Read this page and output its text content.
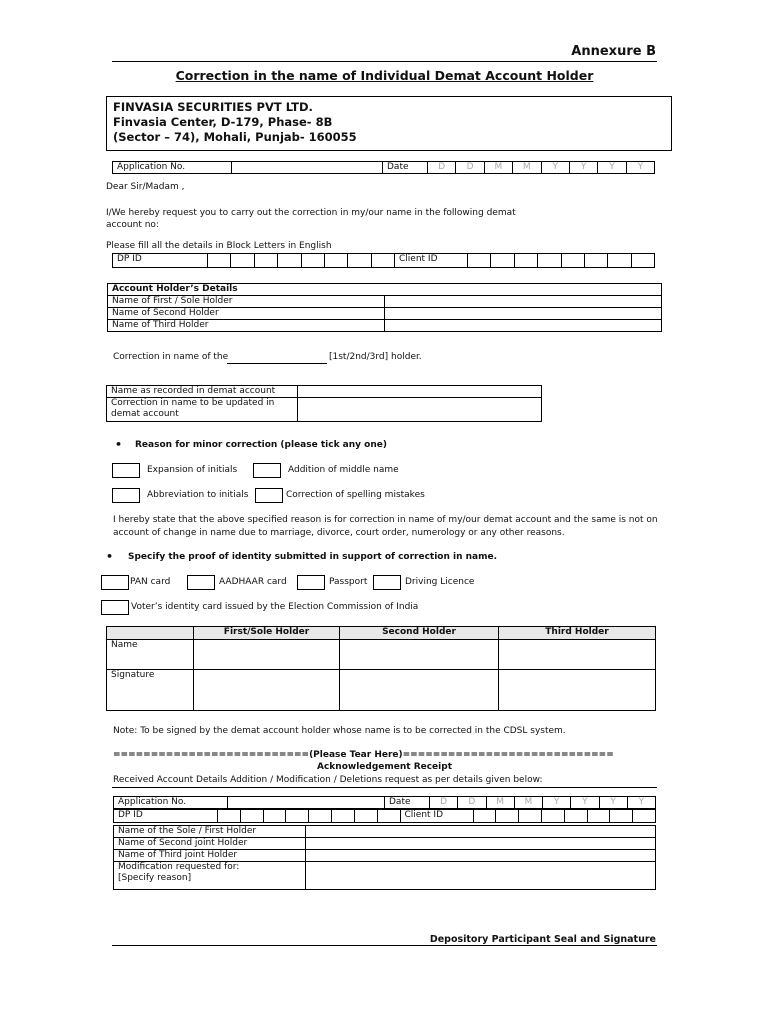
Annexure B
Correction in the name of Individual Demat Account Holder
FINVASIA SECURITIES PVT LTD.
Finvasia Center, D-179, Phase- 8B
(Sector – 74), Mohali, Punjab- 160055
Application No.		Date	D	D	M	M	Y	Y	Y	Y
Dear Sir/Madam ,
I/We hereby request you to carry out the correction in my/our name in the following demat
account no:
Please fill all the details in Block Letters in English
DP ID									Client ID								
Account Holder’s Details	
Name of First / Sole Holder	
Name of Second Holder	
Name of Third Holder	
Correction in name of the	[1st/2nd/3rd] holder.
Name as recorded in demat account	

Correction in name to be updated in
demat account	

• Reason for minor correction (please tick any one)
Expansion of initials	Addition of middle name
Abbreviation to initials	Correction of spelling mistakes
I hereby state that the above specified reason is for correction in name of my/our demat account and the same is not on
account of change in name due to marriage, divorce, court order, numerology or any other reasons.
• Specify the proof of identity submitted in support of correction in name.
PAN card	AADHAAR card	Passport	Driving Licence
Voter’s identity card issued by the Election Commission of India
	First/Sole Holder	Second Holder	Third Holder
Name			
Signature			
Note: To be signed by the demat account holder whose name is to be corrected in the CDSL system.
==========================(Please Tear Here)============================
Acknowledgement Receipt
Received Account Details Addition / Modification / Deletions request as per details given below:
Application No.		Date	D	D	M	M	Y	Y	Y	Y
DP ID									Client ID								
Name of the Sole / First Holder	
Name of Second joint Holder	
Name of Third joint Holder	

Modification requested for:
[Specify reason]	

Depository Participant Seal and Signature
